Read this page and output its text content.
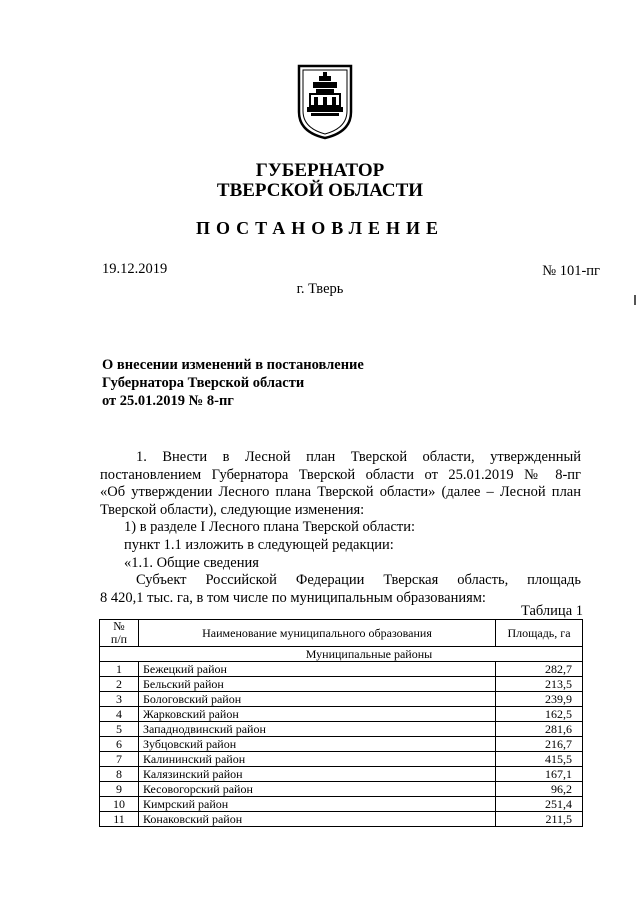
ГУБЕРНАТОР
ТВЕРСКОЙ ОБЛАСТИ
ПОСТАНОВЛЕНИЕ
19.12.2019	№ 101-пг
г. Тверь
О внесении изменений в постановление
Губернатора Тверской области
от 25.01.2019 № 8-пг

1. Внести в Лесной план Тверской области, утвержденный

постановлением Губернатора Тверской области от 25.01.2019 № 8-пг

«Об утверждении Лесного плана Тверской области» (далее – Лесной план

Тверской области), следующие изменения:

1) в разделе I Лесного плана Тверской области:

пункт 1.1 изложить в следующей редакции:

«1.1. Общие сведения

Субъект Российской Федерации Тверская область, площадь

8 420,1 тыс. га, в том числе по муниципальным образованиям:

Таблица 1
№
п/п	Наименование муниципального образования	Площадь, га
Муниципальные районы		
1	Бежецкий район	282,7
2	Бельский район	213,5
3	Бологовский район	239,9
4	Жарковский район	162,5
5	Западнодвинский район	281,6
6	Зубцовский район	216,7
7	Калининский район	415,5
8	Калязинский район	167,1
9	Кесовогорский район	96,2
10	Кимрский район	251,4
11	Конаковский район	211,5
